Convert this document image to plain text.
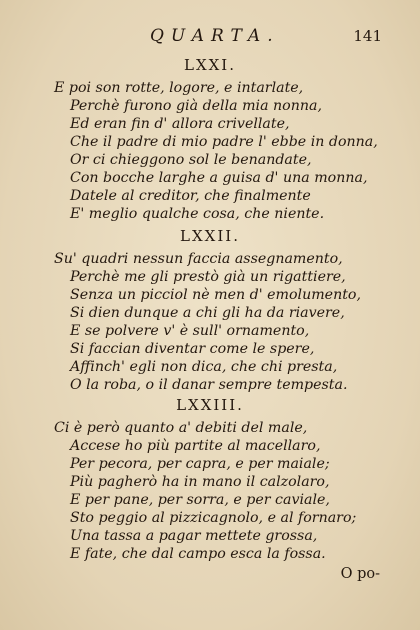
QUARTA.	141
LXXI.
E poi son rotte, logore, e intarlate,
Perchè furono già della mia nonna,
Ed eran fin d' allora crivellate,
Che il padre di mio padre l' ebbe in donna,
Or ci chieggono sol le benandate,
Con bocche larghe a guisa d' una monna,
Datele al creditor, che finalmente
E' meglio qualche cosa, che niente.
LXXII.
Su' quadri nessun faccia assegnamento,
Perchè me gli prestò già un rigattiere,
Senza un picciol nè men d' emolumento,
Si dien dunque a chi gli ha da riavere,
E se polvere v' è sull' ornamento,
Si faccian diventar come le spere,
Affinch' egli non dica, che chi presta,
O la roba, o il danar sempre tempesta.
LXXIII.
Ci è però quanto a' debiti del male,
Accese ho più partite al macellaro,
Per pecora, per capra, e per maiale;
Più pagherò ha in mano il calzolaro,
E per pane, per sorra, e per caviale,
Sto peggio al pizzicagnolo, e al fornaro;
Una tassa a pagar mettete grossa,
E fate, che dal campo esca la fossa.
O po-
